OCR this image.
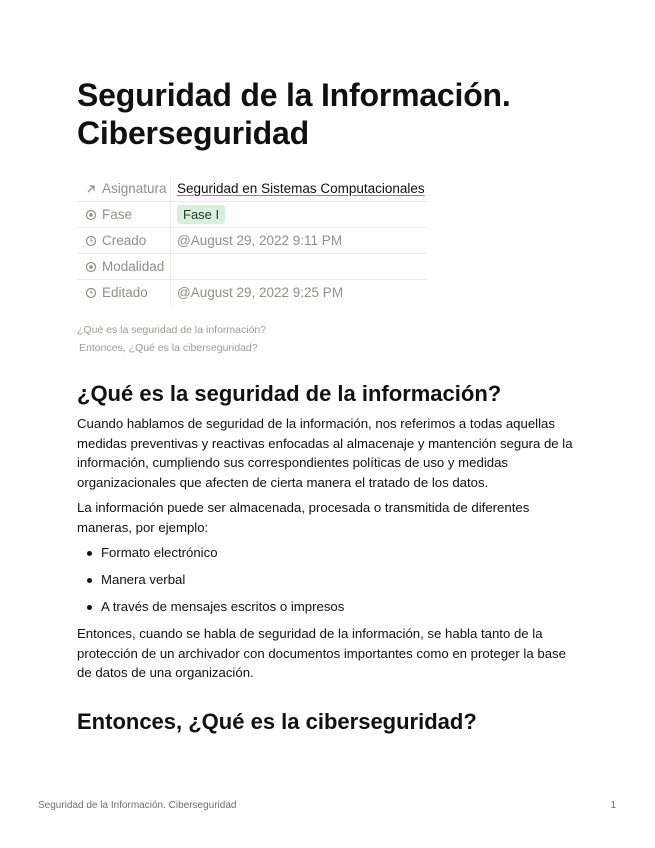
Seguridad de la Información. Ciberseguridad
Asignatura	Seguridad en Sistemas Computacionales

Fase	Fase I

Creado	@August 29, 2022 9:11 PM

Modalidad	

Editado	@August 29, 2022 9:25 PM
¿Qué es la seguridad de la información?
Entonces, ¿Qué es la ciberseguridad?
¿Qué es la seguridad de la información?

Cuando hablamos de seguridad de la información, nos referimos a todas aquellas medidas preventivas y reactivas enfocadas al almacenaje y mantención segura de la información, cumpliendo sus correspondientes políticas de uso y medidas organizacionales que afecten de cierta manera el tratado de los datos.

La información puede ser almacenada, procesada o transmitida de diferentes maneras, por ejemplo:

Formato electrónico
Manera verbal
A través de mensajes escritos o impresos

Entonces, cuando se habla de seguridad de la información, se habla tanto de la protección de un archivador con documentos importantes como en proteger la base de datos de una organización.

Entonces, ¿Qué es la ciberseguridad?
Seguridad de la Información. Ciberseguridad	1
